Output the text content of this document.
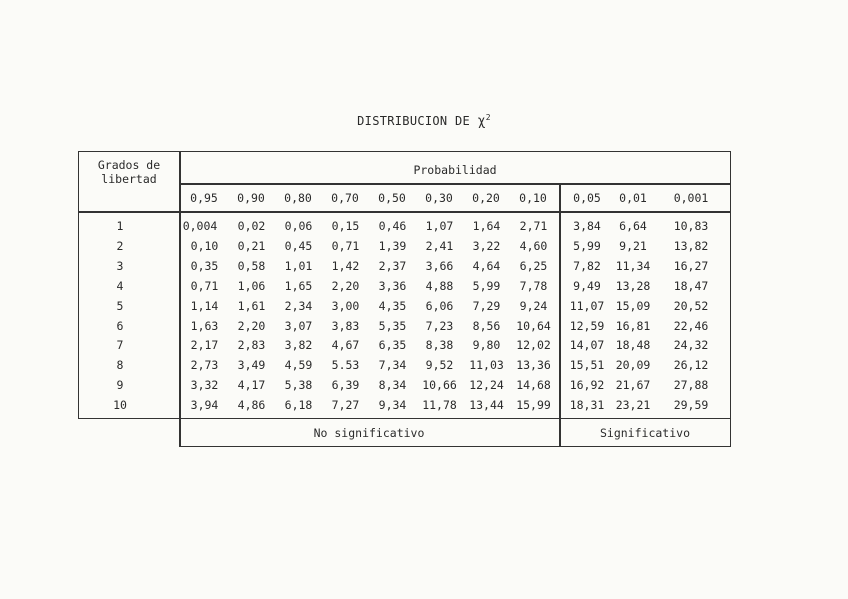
DISTRIBUCION DE $\chi^2$
Grados de
libertad
Probabilidad
0,95	0,90	0,80	0,70	0,50	0,30	0,20	0,10	0,05	0,01	0,001
1	0,004	0,02	0,06	0,15	0,46	1,07	1,64	2,71	3,84	6,64	10,83
2	0,10	0,21	0,45	0,71	1,39	2,41	3,22	4,60	5,99	9,21	13,82
3	0,35	0,58	1,01	1,42	2,37	3,66	4,64	6,25	7,82	11,34	16,27
4	0,71	1,06	1,65	2,20	3,36	4,88	5,99	7,78	9,49	13,28	18,47
5	1,14	1,61	2,34	3,00	4,35	6,06	7,29	9,24	11,07 15,09	20,52
6	1,63	2,20	3,07	3,83	5,35	7,23	8,56	10,64	12,59 16,81	22,46
7	2,17	2,83	3,82	4,67	6,35	8,38	9,80	12,02	14,07 18,48	24,32
8	2,73	3,49	4,59	5.53	7,34	9,52	11,03	13,36	15,51 20,09	26,12
9	3,32	4,17	5,38	6,39	8,34	10,66	12,24	14,68	16,92 21,67	27,88
10	3,94	4,86	6,18	7,27	9,34	11,78	13,44	15,99	18,31 23,21	29,59
No significativo	Significativo
